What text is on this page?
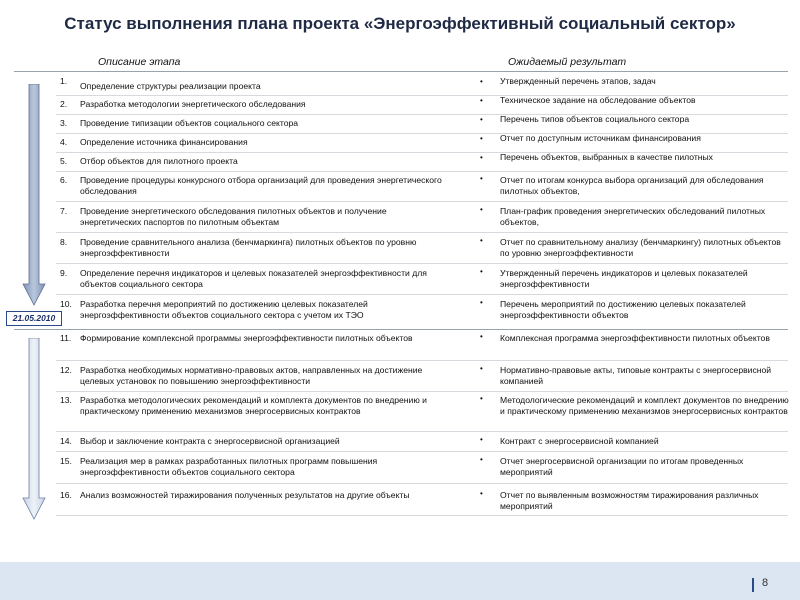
Статус выполнения плана проекта «Энергоэффективный социальный сектор»
Описание этапа	Ожидаемый результат
21.05.2010
1.	Определение структуры реализации проекта	• Утвержденный перечень этапов, задач
2.	Разработка методологии энергетического обследования	• Техническое задание на обследование объектов
3.	Проведение типизации объектов социального сектора	• Перечень типов объектов социального сектора
4.	Определение источника финансирования	• Отчет по доступным источникам финансирования
5.	Отбор объектов для пилотного проекта	• Перечень объектов, выбранных в качестве пилотных
6.	Проведение процедуры конкурсного отбора организаций для проведения энергетического обследования
• Отчет по итогам конкурса выбора организаций для обследования пилотных объектов,
7.	Проведение энергетического обследования пилотных объектов и получение энергетических паспортов по пилотным объектам
• План-график проведения энергетических обследований пилотных объектов,
8.	Проведение сравнительного анализа (бенчмаркинга) пилотных объектов по уровню энергоэффективности
• Отчет по сравнительному анализу (бенчмаркингу) пилотных объектов по уровню энергоэффективности
9.	Определение перечня индикаторов и целевых показателей энергоэффективности для объектов социального сектора
• Утвержденный перечень индикаторов и целевых показателей энергоэффективности
10. Разработка перечня мероприятий по достижению целевых показателей энергоэффективности объектов социального сектора с учетом их ТЭО
• Перечень мероприятий по достижению целевых показателей энергоэффективности объектов
11.	Формирование комплексной программы энергоэффективности пилотных объектов	• Комплексная программа энергоэффективности пилотных объектов
12. Разработка необходимых нормативно-правовых актов, направленных на достижение целевых установок по повышению энергоэффективности
• Нормативно-правовые акты, типовые контракты с энергосервисной компанией
13. Разработка методологических рекомендаций и комплекта документов по внедрению и практическому применению механизмов энергосервисных контрактов
• Методологические рекомендаций и комплект документов по внедрению и практическому применению механизмов энергосервисных контрактов
14. Выбор и заключение контракта с энергосервисной организацией	• Контракт с энергосервисной компанией
15. Реализация мер в рамках разработанных пилотных программ повышения энергоэффективности объектов социального сектора
• Отчет энергосервисной организации по итогам проведенных мероприятий
16. Анализ возможностей тиражирования полученных результатов на другие объекты	• Отчет по выявленным возможностям тиражирования различных мероприятий
8
